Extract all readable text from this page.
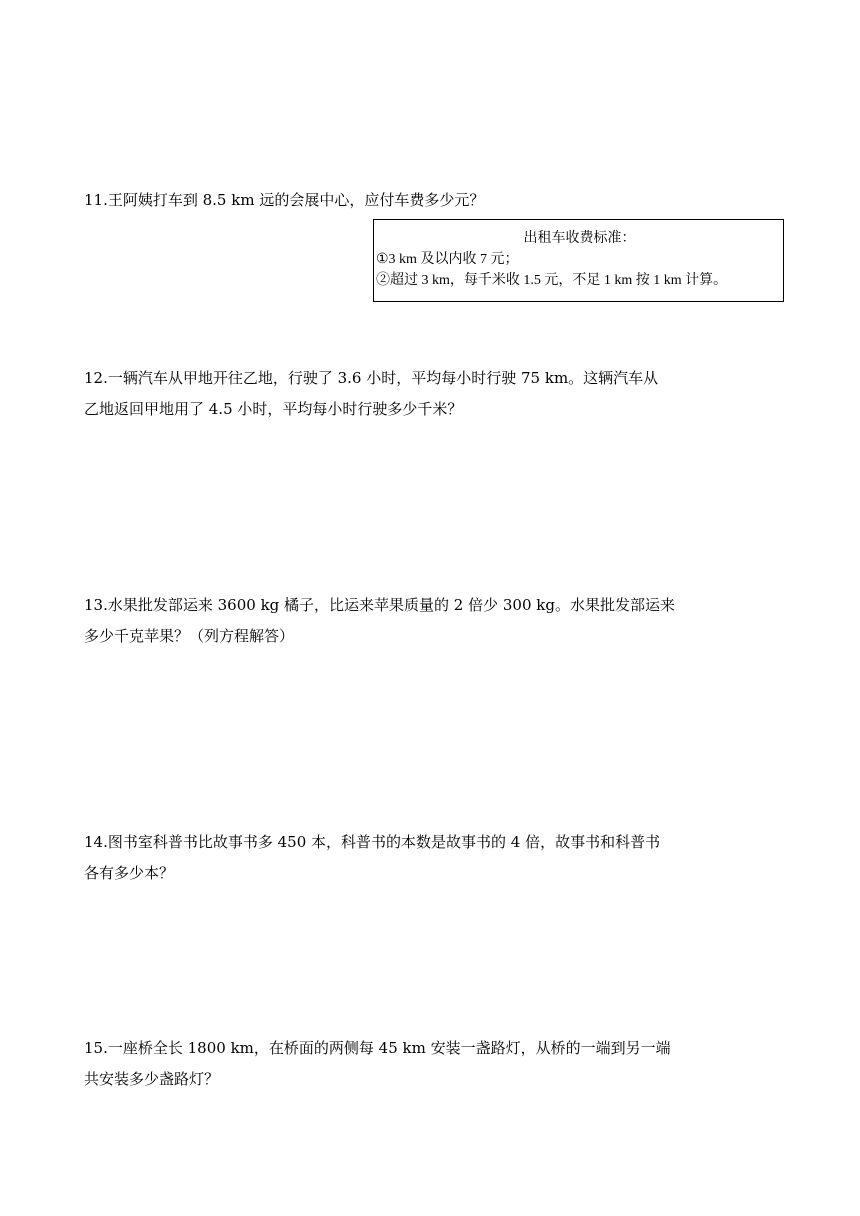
11.王阿姨打车到 8.5 km 远的会展中心，应付车费多少元？
出租车收费标准：
①3 km 及以内收 7 元；
②超过 3 km，每千米收 1.5 元，不足 1 km 按 1 km 计算。
12.一辆汽车从甲地开往乙地，行驶了 3.6 小时，平均每小时行驶 75 km。这辆汽车从
乙地返回甲地用了 4.5 小时，平均每小时行驶多少千米？
13.水果批发部运来 3600 kg 橘子，比运来苹果质量的 2 倍少 300 kg。水果批发部运来
多少千克苹果？（列方程解答）
14.图书室科普书比故事书多 450 本，科普书的本数是故事书的 4 倍，故事书和科普书
各有多少本？
15.一座桥全长 1800 km，在桥面的两侧每 45 km 安装一盏路灯，从桥的一端到另一端
共安装多少盏路灯？
